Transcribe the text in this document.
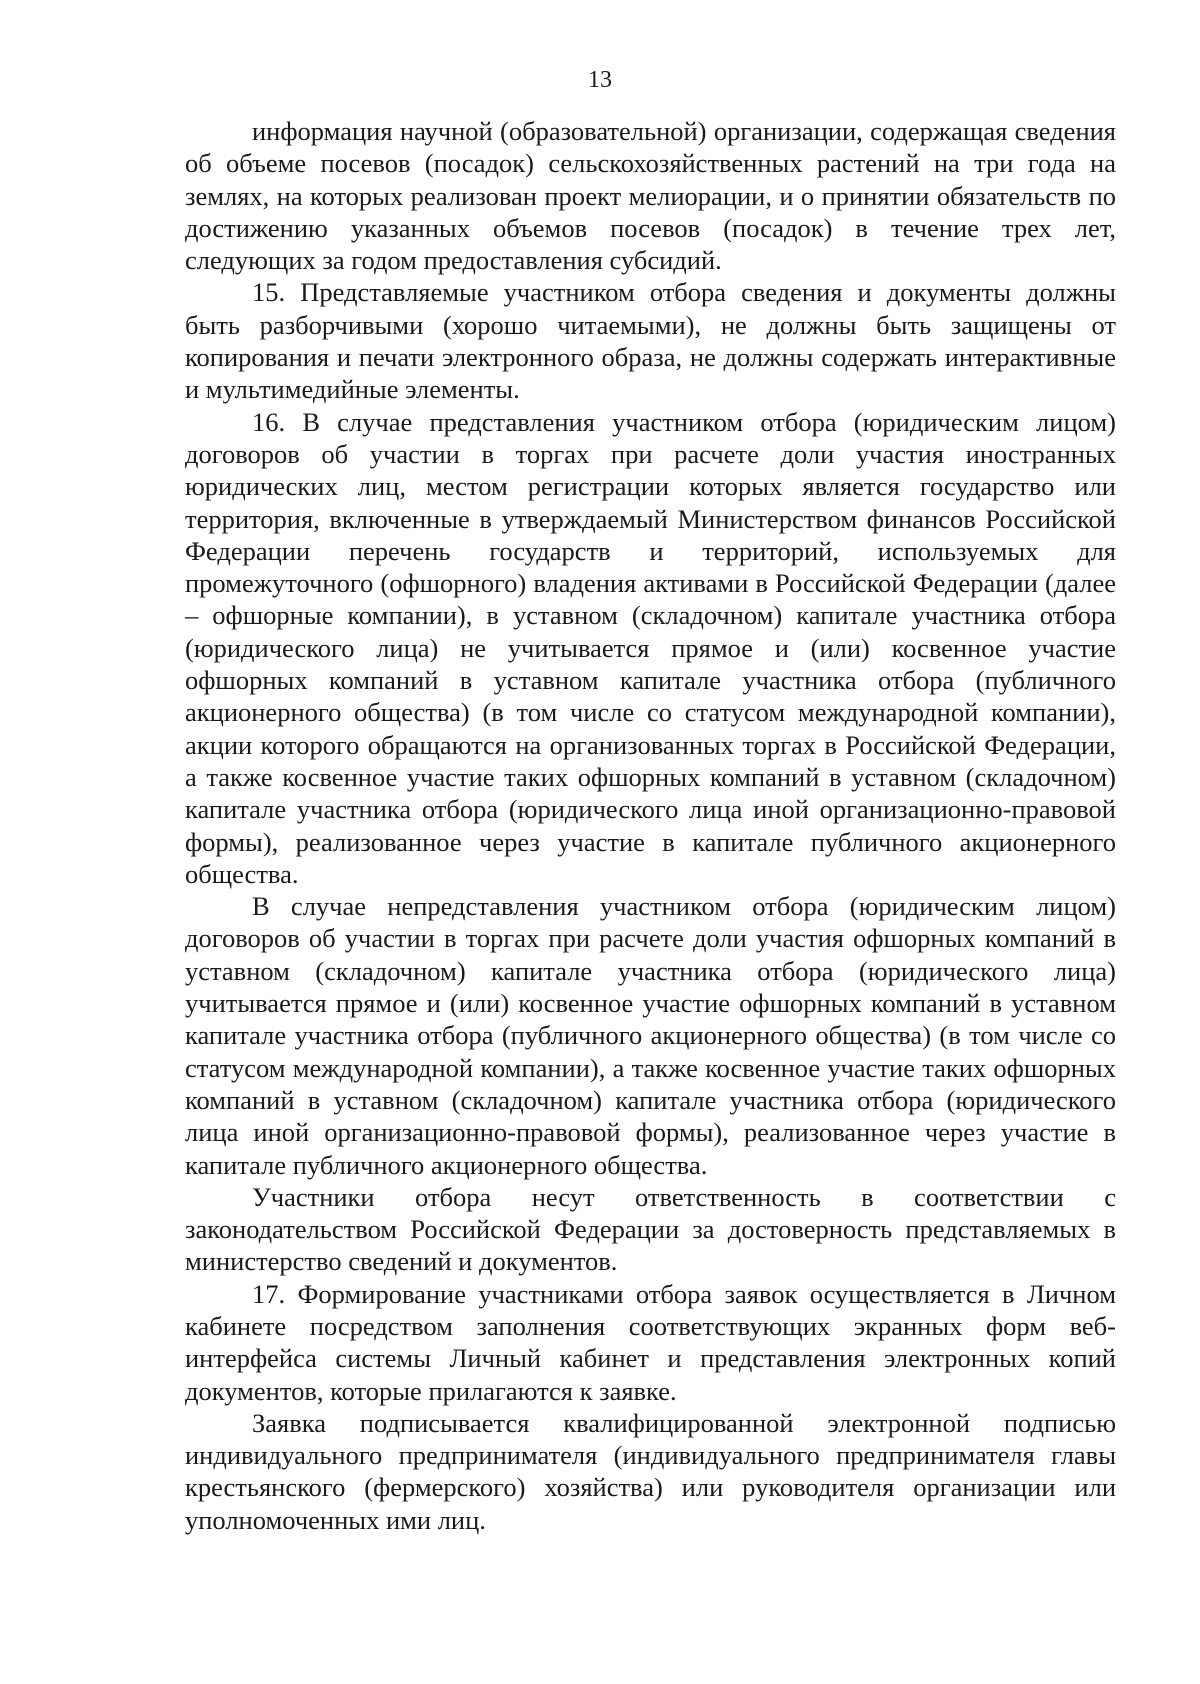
13

информация научной (образовательной) организации, содержащая сведения об объеме посевов (посадок) сельскохозяйственных растений на три года на землях, на которых реализован проект мелиорации, и о принятии обязательств по достижению указанных объемов посевов (посадок) в течение трех лет, следующих за годом предоставления субсидий.

15. Представляемые участником отбора сведения и документы должны быть разборчивыми (хорошо читаемыми), не должны быть защищены от копирования и печати электронного образа, не должны содержать интерактивные и мультимедийные элементы.

16. В случае представления участником отбора (юридическим лицом) договоров об участии в торгах при расчете доли участия иностранных юридических лиц, местом регистрации которых является государство или территория, включенные в утверждаемый Министерством финансов Российской Федерации перечень государств и территорий, используемых для промежуточного (офшорного) владения активами в Российской Федерации (далее – офшорные компании), в уставном (складочном) капитале участника отбора (юридического лица) не учитывается прямое и (или) косвенное участие офшорных компаний в уставном капитале участника отбора (публичного акционерного общества) (в том числе со статусом международной компании), акции которого обращаются на организованных торгах в Российской Федерации, а также косвенное участие таких офшорных компаний в уставном (складочном) капитале участника отбора (юридического лица иной организационно-правовой формы), реализованное через участие в капитале публичного акционерного общества.

В случае непредставления участником отбора (юридическим лицом) договоров об участии в торгах при расчете доли участия офшорных компаний в уставном (складочном) капитале участника отбора (юридического лица) учитывается прямое и (или) косвенное участие офшорных компаний в уставном капитале участника отбора (публичного акционерного общества) (в том числе со статусом международной компании), а также косвенное участие таких офшорных компаний в уставном (складочном) капитале участника отбора (юридического лица иной организационно-правовой формы), реализованное через участие в капитале публичного акционерного общества.

Участники отбора несут ответственность в соответствии с законодательством Российской Федерации за достоверность представляемых в министерство сведений и документов.

17. Формирование участниками отбора заявок осуществляется в Личном кабинете посредством заполнения соответствующих экранных форм веб-интерфейса системы Личный кабинет и представления электронных копий документов, которые прилагаются к заявке.

Заявка подписывается квалифицированной электронной подписью индивидуального предпринимателя (индивидуального предпринимателя главы крестьянского (фермерского) хозяйства) или руководителя организации или уполномоченных ими лиц.
